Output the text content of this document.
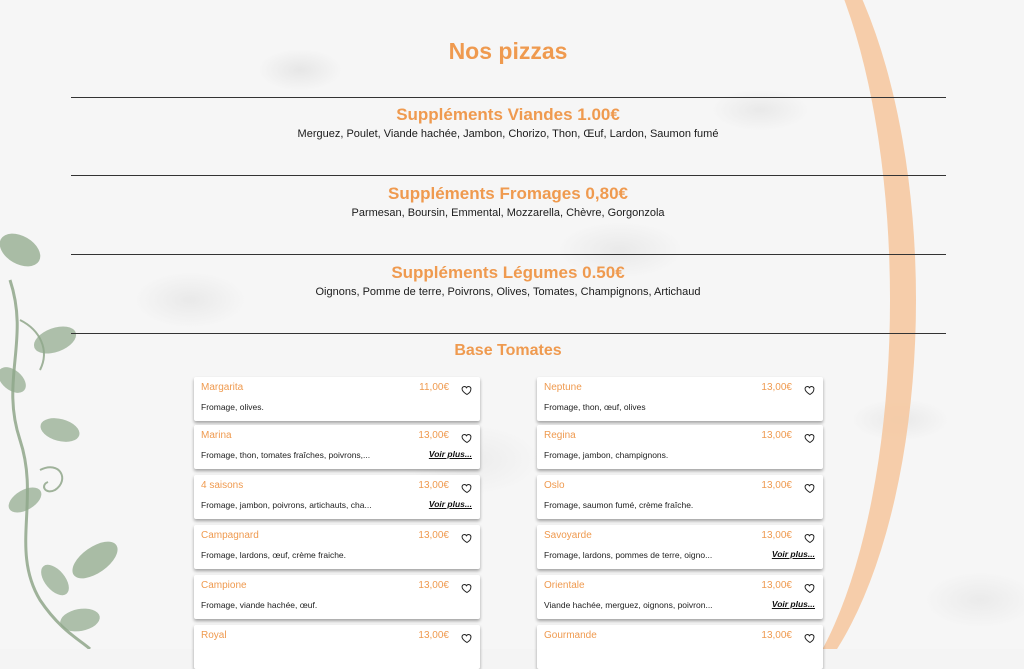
Nos pizzas
Suppléments Viandes 1.00€

Merguez, Poulet, Viande hachée, Jambon, Chorizo, Thon, Œuf, Lardon, Saumon fumé

Suppléments Fromages 0,80€

Parmesan, Boursin, Emmental, Mozzarella, Chèvre, Gorgonzola

Suppléments Légumes 0.50€

Oignons, Pomme de terre, Poivrons, Olives, Tomates, Champignons, Artichaud

Base Tomates
Margarita	11,00€
Fromage, olives.
Marina	13,00€
Fromage, thon, tomates fraîches, poivrons,...	Voir plus...
4 saisons	13,00€
Fromage, jambon, poivrons, artichauts, cha...	Voir plus...
Campagnard	13,00€
Fromage, lardons, œuf, crème fraiche.
Campione	13,00€
Fromage, viande hachée, œuf.
Royal	13,00€
Neptune	13,00€
Fromage, thon, œuf, olives
Regina	13,00€
Fromage, jambon, champignons.
Oslo	13,00€
Fromage, saumon fumé, crème fraîche.
Savoyarde	13,00€
Fromage, lardons, pommes de terre, oigno...	Voir plus...
Orientale	13,00€
Viande hachée, merguez, oignons, poivron...	Voir plus...
Gourmande	13,00€
